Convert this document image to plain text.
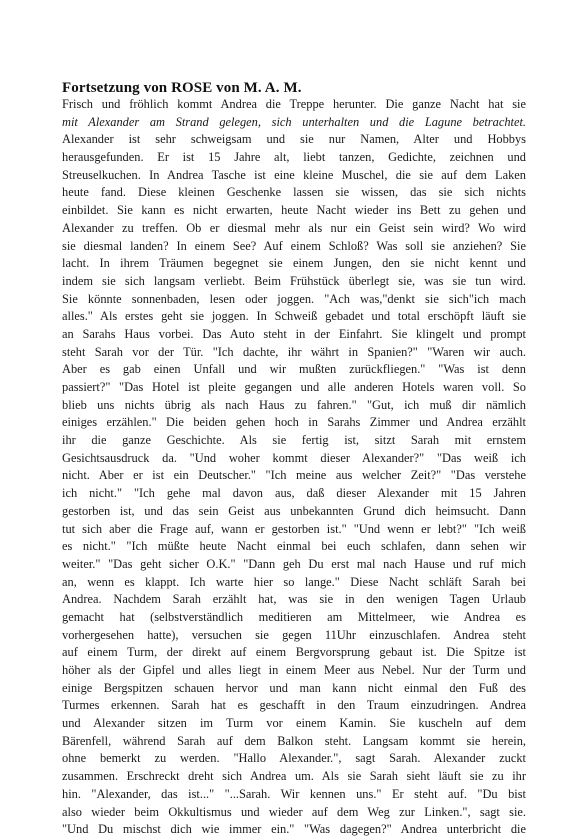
Fortsetzung von ROSE von M. A. M.
Frisch und fröhlich kommt Andrea die Treppe herunter. Die ganze Nacht hat sie
mit Alexander am Strand gelegen, sich unterhalten und die Lagune betrachtet.
Alexander ist sehr schweigsam und sie nur Namen, Alter und Hobbys
herausgefunden. Er ist 15 Jahre alt, liebt tanzen, Gedichte, zeichnen und
Streuselkuchen. In Andrea Tasche ist eine kleine Muschel, die sie auf dem Laken
heute fand. Diese kleinen Geschenke lassen sie wissen, das sie sich nichts
einbildet. Sie kann es nicht erwarten, heute Nacht wieder ins Bett zu gehen und
Alexander zu treffen. Ob er diesmal mehr als nur ein Geist sein wird? Wo wird
sie diesmal landen? In einem See? Auf einem Schloß? Was soll sie anziehen? Sie
lacht. In ihrem Träumen begegnet sie einem Jungen, den sie nicht kennt und
indem sie sich langsam verliebt. Beim Frühstück überlegt sie, was sie tun wird.
Sie könnte sonnenbaden, lesen oder joggen. "Ach was,"denkt sie sich"ich mach
alles." Als erstes geht sie joggen. In Schweiß gebadet und total erschöpft läuft sie
an Sarahs Haus vorbei. Das Auto steht in der Einfahrt. Sie klingelt und prompt
steht Sarah vor der Tür. "Ich dachte, ihr währt in Spanien?" "Waren wir auch.
Aber es gab einen Unfall und wir mußten zurückfliegen." "Was ist denn
passiert?" "Das Hotel ist pleite gegangen und alle anderen Hotels waren voll. So
blieb uns nichts übrig als nach Haus zu fahren." "Gut, ich muß dir nämlich
einiges erzählen." Die beiden gehen hoch in Sarahs Zimmer und Andrea erzählt
ihr die ganze Geschichte. Als sie fertig ist, sitzt Sarah mit ernstem
Gesichtsausdruck da. "Und woher kommt dieser Alexander?" "Das weiß ich
nicht. Aber er ist ein Deutscher." "Ich meine aus welcher Zeit?" "Das verstehe
ich nicht." "Ich gehe mal davon aus, daß dieser Alexander mit 15 Jahren
gestorben ist, und das sein Geist aus unbekannten Grund dich heimsucht. Dann
tut sich aber die Frage auf, wann er gestorben ist." "Und wenn er lebt?" "Ich weiß
es nicht." "Ich müßte heute Nacht einmal bei euch schlafen, dann sehen wir
weiter." "Das geht sicher O.K." "Dann geh Du erst mal nach Hause und ruf mich
an, wenn es klappt. Ich warte hier so lange." Diese Nacht schläft Sarah bei
Andrea. Nachdem Sarah erzählt hat, was sie in den wenigen Tagen Urlaub
gemacht hat (selbstverständlich meditieren am Mittelmeer, wie Andrea es
vorhergesehen hatte), versuchen sie gegen 11Uhr einzuschlafen. Andrea steht
auf einem Turm, der direkt auf einem Bergvorsprung gebaut ist. Die Spitze ist
höher als der Gipfel und alles liegt in einem Meer aus Nebel. Nur der Turm und
einige Bergspitzen schauen hervor und man kann nicht einmal den Fuß des
Turmes erkennen. Sarah hat es geschafft in den Traum einzudringen. Andrea
und Alexander sitzen im Turm vor einem Kamin. Sie kuscheln auf dem
Bärenfell, während Sarah auf dem Balkon steht. Langsam kommt sie herein,
ohne bemerkt zu werden. "Hallo Alexander.", sagt Sarah. Alexander zuckt
zusammen. Erschreckt dreht sich Andrea um. Als sie Sarah sieht läuft sie zu ihr
hin. "Alexander, das ist..." "...Sarah. Wir kennen uns." Er steht auf. "Du bist
also wieder beim Okkultismus und wieder auf dem Weg zur Linken.", sagt sie.
"Und Du mischst dich wie immer ein." "Was dagegen?" Andrea unterbricht die
